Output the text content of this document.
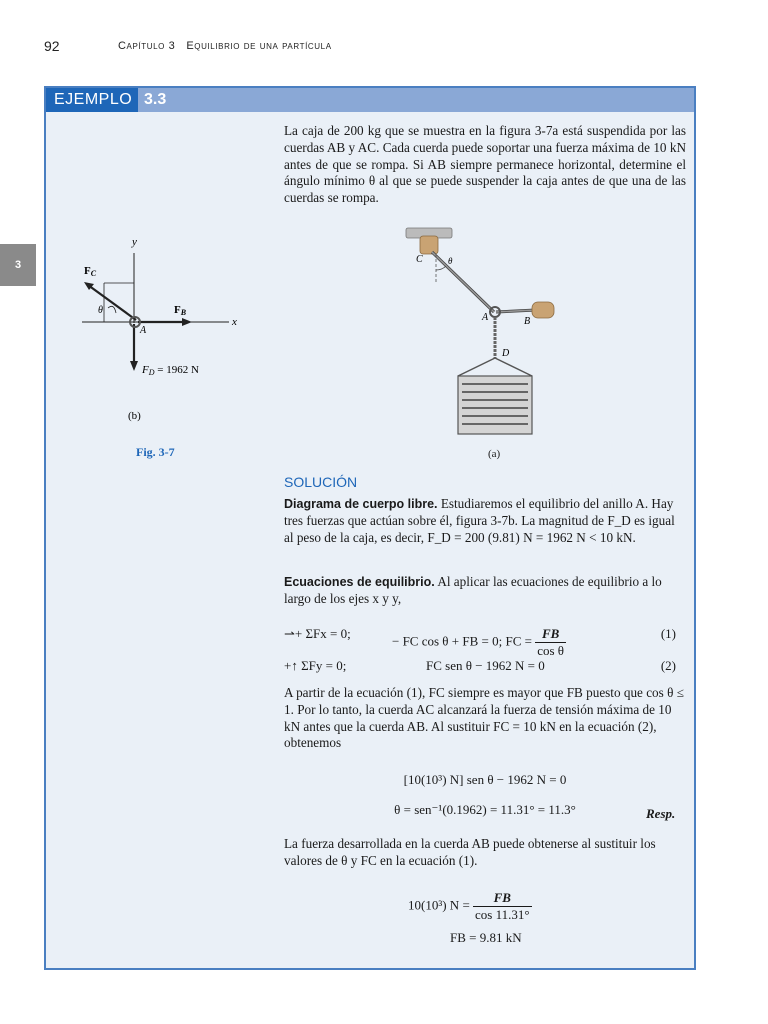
92	Capítulo 3 Equilibrio de una partícula
3
EJEMPLO 3.3

La caja de 200 kg que se muestra en la figura 3-7a está suspendida por las cuerdas AB y AC. Cada cuerda puede soportar una fuerza máxima de 10 kN antes de que se rompa. Si AB siempre permanece horizontal, determine el ángulo mínimo θ al que se puede suspender la caja antes de que una de las cuerdas se rompa.

y
x
FC
FB
FD = 1962 N
θ
A
(b)
Fig. 3-7
C	θ
A	B
D
(a)
SOLUCIÓN

Diagrama de cuerpo libre. Estudiaremos el equilibrio del anillo A. Hay tres fuerzas que actúan sobre él, figura 3-7b. La magnitud de F_D es igual al peso de la caja, es decir, F_D = 200 (9.81) N = 1962 N < 10 kN.

Ecuaciones de equilibrio. Al aplicar las ecuaciones de equilibrio a lo largo de los ejes x y y,

⇀+ ΣFx = 0;	− FC cos θ + FB = 0; FC = $\frac{FB}{\text{cos θ}}$	(1)
+↑ ΣFy = 0;	FC sen θ − 1962 N = 0	(2)

A partir de la ecuación (1), FC siempre es mayor que FB puesto que cos θ ≤ 1. Por lo tanto, la cuerda AC alcanzará la fuerza de tensión máxima de 10 kN antes que la cuerda AB. Al sustituir FC = 10 kN en la ecuación (2), obtenemos

[10(10³) N] sen θ − 1962 N = 0
θ = sen⁻¹(0.1962) = 11.31° = 11.3°	Resp.

La fuerza desarrollada en la cuerda AB puede obtenerse al sustituir los valores de θ y FC en la ecuación (1).

10(10³) $N = \frac{FB}{\cos 11.31^\circ}$
FB = 9.81 kN
